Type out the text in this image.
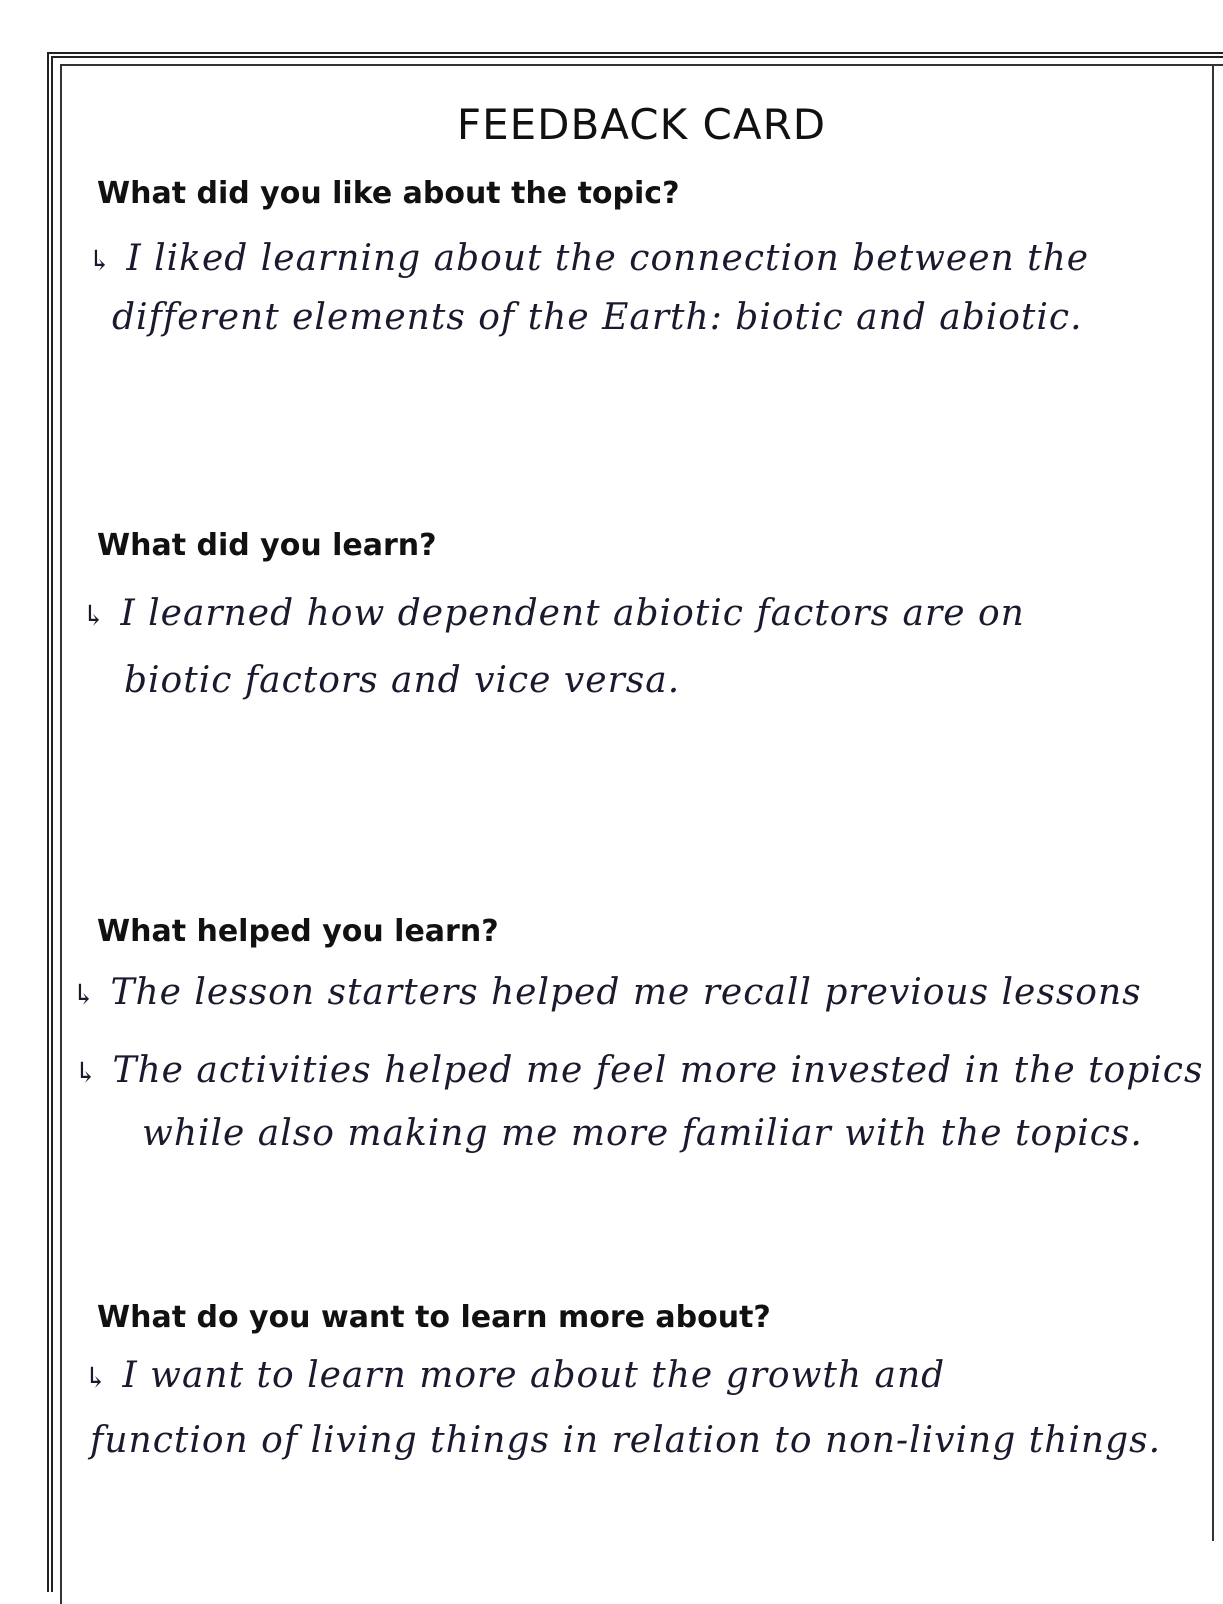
FEEDBACK CARD
What did you like about the topic?
↳ I liked learning about the connection between the
different elements of the Earth: biotic and abiotic.
What did you learn?
↳ I learned how dependent abiotic factors are on
biotic factors and vice versa.
What helped you learn?
↳ The lesson starters helped me recall previous lessons
↳ The activities helped me feel more invested in the topics
while also making me more familiar with the topics.
What do you want to learn more about?
↳ I want to learn more about the growth and
function of living things in relation to non-living things.
